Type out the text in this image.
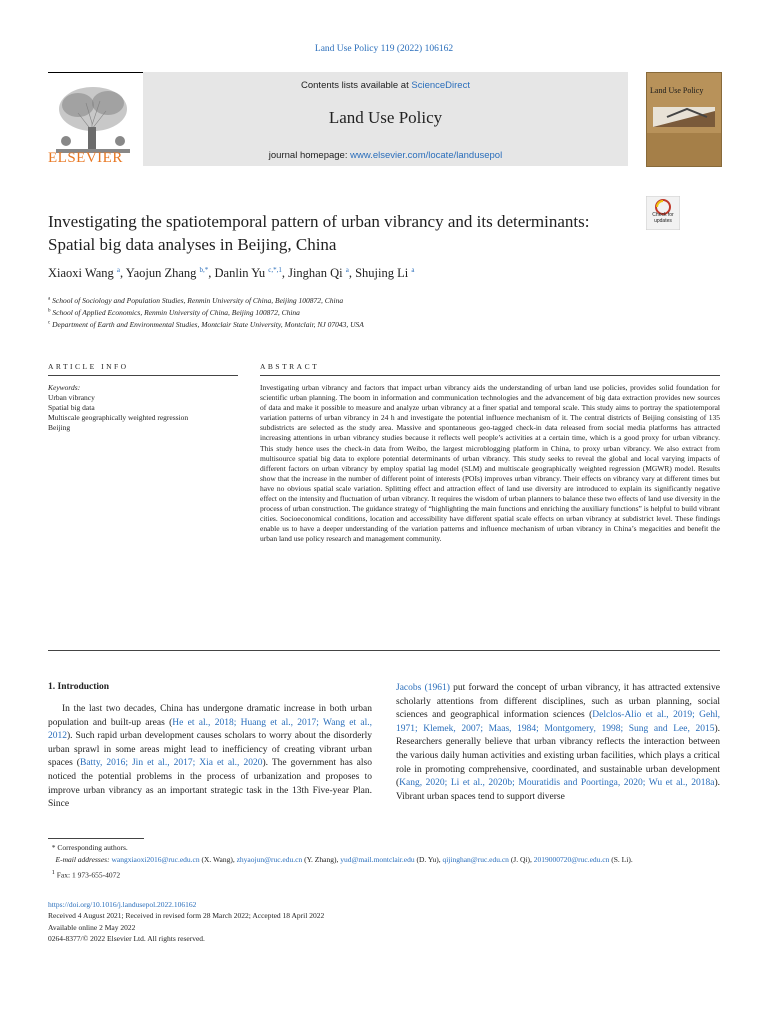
Land Use Policy 119 (2022) 106162
ELSEVIER
Contents lists available at ScienceDirect
Land Use Policy
journal homepage: www.elsevier.com/locate/landusepol
Land Use Policy
Check for updates
Investigating the spatiotemporal pattern of urban vibrancy and its determinants: Spatial big data analyses in Beijing, China
Xiaoxi Wang $^a$, Yaojun Zhang $^{b,*}$, Danlin Yu $^{c,*,1}$, Jinghan Qi $^a$, Shujing Li $^a$
$^a$ School of Sociology and Population Studies, Renmin University of China, Beijing 100872, China
$^b$ School of Applied Economics, Renmin University of China, Beijing 100872, China
$^c$ Department of Earth and Environmental Studies, Montclair State University, Montclair, NJ 07043, USA
ARTICLE INFO	ABSTRACT
Keywords:
Urban vibrancy
Spatial big data
Multiscale geographically weighted regression
Beijing
Investigating urban vibrancy and factors that impact urban vibrancy aids the understanding of urban land use policies, provides solid foundation for scientific urban planning. The boom in information and communication technologies and the advancement of big data extraction provides new sources of data and make it possible to measure and analyze urban vibrancy at a finer spatial and temporal scale. This study aims to portray the spatiotemporal variation patterns of urban vibrancy in 24 h and investigate the potential influence mechanism of it. The central districts of Beijing consisting of 135 subdistricts are selected as the study area. Massive and spontaneous geo-tagged check-in data released from social media platforms has attracted increasing attentions in urban vibrancy studies because it reflects well people’s activities at a certain time, which is a good proxy for urban vibrancy. This study hence uses the check-in data from Weibo, the largest microblogging platform in China, to proxy urban vibrancy. We also extract from multisource spatial big data to explore potential determinants of urban vibrancy. This study seeks to reveal the global and local varying impacts of different factors on urban vibrancy by employ spatial lag model (SLM) and multiscale geographically weighted regression (MGWR) model. Results show that the increase in the number of different point of interests (POIs) improves urban vibrancy. Their effects on vibrancy vary at different times but have no obvious spatial scale variation. Splitting effect and attraction effect of land use diversity are introduced to explain its significantly negative effect on the intensity and fluctuation of urban vibrancy. It requires the wisdom of urban planners to balance these two effects of land use diversity in the process of urban construction. The guidance strategy of “highlighting the main functions and enriching the auxiliary functions” is helpful to build vibrant cities. Socioeconomical conditions, location and accessibility have different spatial scale effects on urban vibrancy at subdistrict level. These findings enable us to have a deeper understanding of the variation patterns and influence mechanism of urban vibrancy in China’s megacities and benefit the urban land use policy research and management community.
1. Introduction
In the last two decades, China has undergone dramatic increase in both urban population and built-up areas (He et al., 2018; Huang et al., 2017; Wang et al., 2012). Such rapid urban development causes scholars to worry about the disorderly urban sprawl in some areas might lead to inefficiency of creating vibrant urban spaces (Batty, 2016; Jin et al., 2017; Xia et al., 2020). The government has also noticed the potential problems in the process of urbanization and proposes to improve urban vibrancy as an important strategic task in the 13th Five-year Plan. Since
Jacobs (1961) put forward the concept of urban vibrancy, it has attracted extensive scholarly attentions from different disciplines, such as urban planning, social sciences and geographical information sciences (Delclos-Alio et al., 2019; Gehl, 1971; Klemek, 2007; Maas, 1984; Montgomery, 1998; Sung and Lee, 2015). Researchers generally believe that urban vibrancy reflects the interaction between the various daily human activities and existing urban facilities, which plays a critical role in promoting comprehensive, coordinated, and sustainable urban development (Kang, 2020; Li et al., 2020b; Mouratidis and Poortinga, 2020; Wu et al., 2018a). Vibrant urban spaces tend to support diverse
* Corresponding authors.
E-mail addresses: wangxiaoxi2016@ruc.edu.cn (X. Wang), zhyaojun@ruc.edu.cn (Y. Zhang), yud@mail.montclair.edu (D. Yu), qijinghan@ruc.edu.cn (J. Qi), 2019000720@ruc.edu.cn (S. Li).
$^1$ Fax: 1 973-655-4072
https://doi.org/10.1016/j.landusepol.2022.106162
Received 4 August 2021; Received in revised form 28 March 2022; Accepted 18 April 2022
Available online 2 May 2022
0264-8377/© 2022 Elsevier Ltd. All rights reserved.
